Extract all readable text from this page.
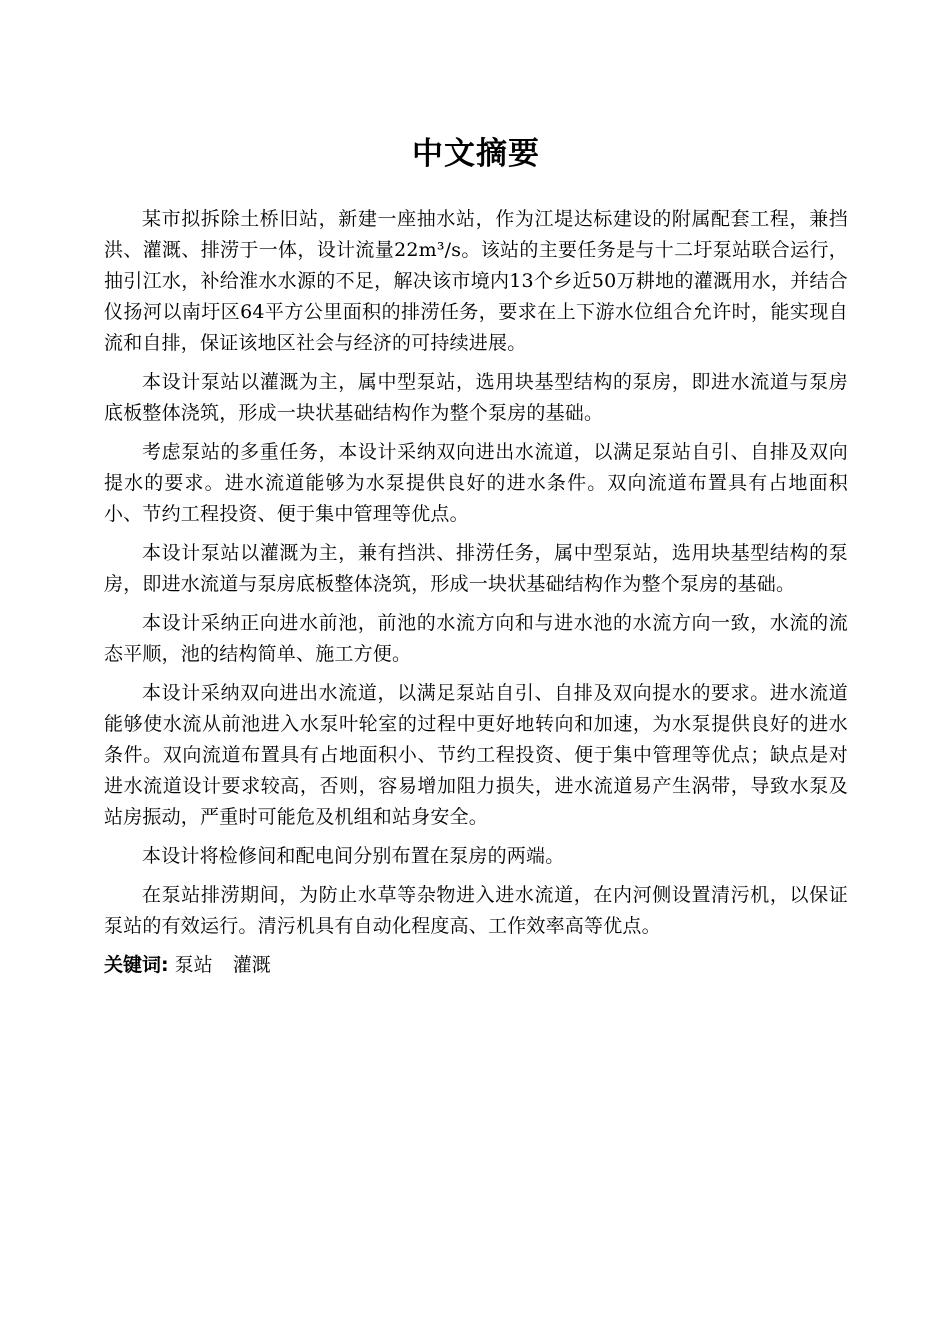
中文摘要

某市拟拆除土桥旧站，新建一座抽水站，作为江堤达标建设的附属配套工程，兼挡洪、灌溉、排涝于一体，设计流量22m³/s。该站的主要任务是与十二圩泵站联合运行，抽引江水，补给淮水水源的不足，解决该市境内13个乡近50万耕地的灌溉用水，并结合仪扬河以南圩区64平方公里面积的排涝任务，要求在上下游水位组合允许时，能实现自流和自排，保证该地区社会与经济的可持续进展。

本设计泵站以灌溉为主，属中型泵站，选用块基型结构的泵房，即进水流道与泵房底板整体浇筑，形成一块状基础结构作为整个泵房的基础。

考虑泵站的多重任务，本设计采纳双向进出水流道，以满足泵站自引、自排及双向提水的要求。进水流道能够为水泵提供良好的进水条件。双向流道布置具有占地面积小、节约工程投资、便于集中管理等优点。

本设计泵站以灌溉为主，兼有挡洪、排涝任务，属中型泵站，选用块基型结构的泵房，即进水流道与泵房底板整体浇筑，形成一块状基础结构作为整个泵房的基础。

本设计采纳正向进水前池，前池的水流方向和与进水池的水流方向一致，水流的流态平顺，池的结构简单、施工方便。

本设计采纳双向进出水流道，以满足泵站自引、自排及双向提水的要求。进水流道能够使水流从前池进入水泵叶轮室的过程中更好地转向和加速，为水泵提供良好的进水条件。双向流道布置具有占地面积小、节约工程投资、便于集中管理等优点；缺点是对进水流道设计要求较高，否则，容易增加阻力损失，进水流道易产生涡带，导致水泵及站房振动，严重时可能危及机组和站身安全。

本设计将检修间和配电间分别布置在泵房的两端。

在泵站排涝期间，为防止水草等杂物进入进水流道，在内河侧设置清污机，以保证泵站的有效运行。清污机具有自动化程度高、工作效率高等优点。

关键词: 泵站 灌溉
